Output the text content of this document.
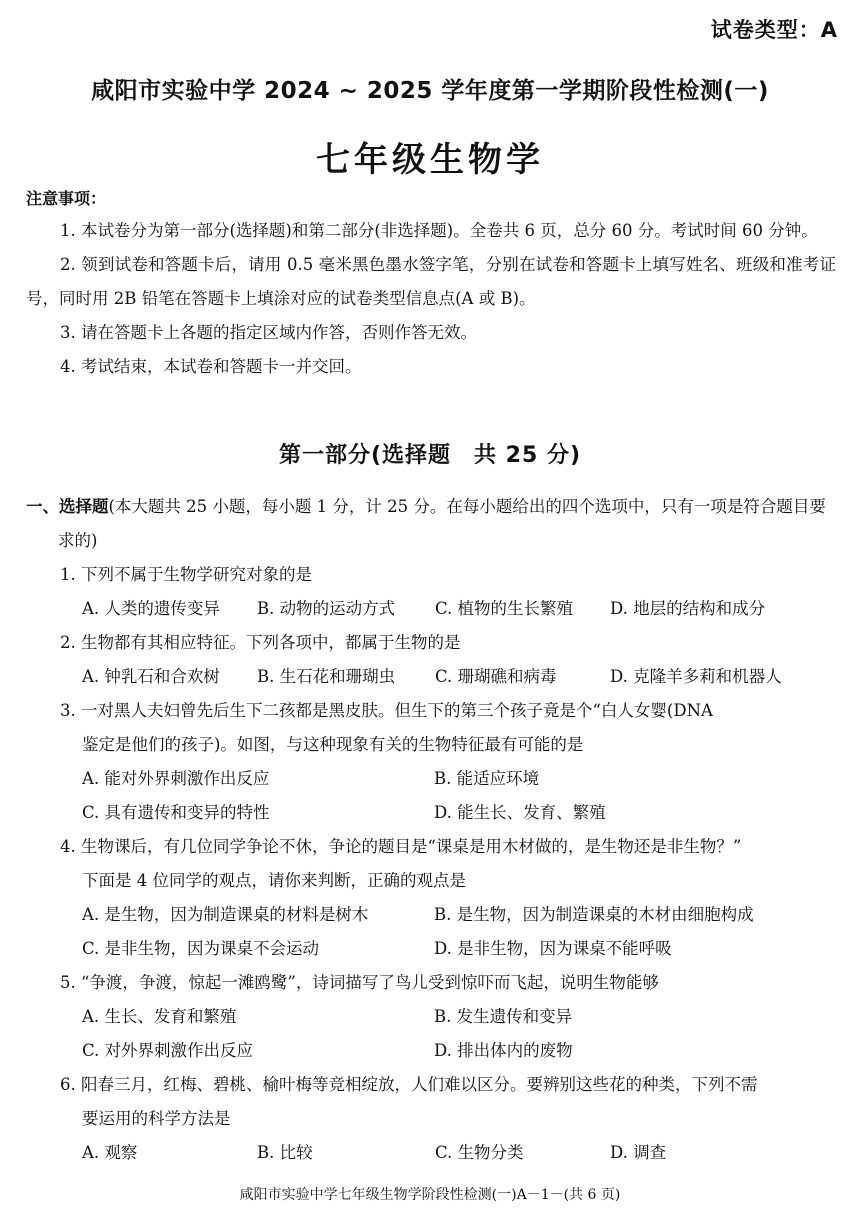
试卷类型：A
咸阳市实验中学 2024 ~ 2025 学年度第一学期阶段性检测(一)
七年级生物学
注意事项：
1. 本试卷分为第一部分(选择题)和第二部分(非选择题)。全卷共 6 页，总分 60 分。考试时间 60 分钟。
2. 领到试卷和答题卡后，请用 0.5 毫米黑色墨水签字笔，分别在试卷和答题卡上填写姓名、班级和准考证号，同时用 2B 铅笔在答题卡上填涂对应的试卷类型信息点(A 或 B)。
3. 请在答题卡上各题的指定区域内作答，否则作答无效。
4. 考试结束，本试卷和答题卡一并交回。
第一部分(选择题　共 25 分)
一、选择题(本大题共 25 小题，每小题 1 分，计 25 分。在每小题给出的四个选项中，只有一项是符合题目要求的)
1. 下列不属于生物学研究对象的是
A. 人类的遗传变异	B. 动物的运动方式	C. 植物的生长繁殖	D. 地层的结构和成分
2. 生物都有其相应特征。下列各项中，都属于生物的是
A. 钟乳石和合欢树	B. 生石花和珊瑚虫	C. 珊瑚礁和病毒	D. 克隆羊多莉和机器人
3. 一对黑人夫妇曾先后生下二孩都是黑皮肤。但生下的第三个孩子竟是个“白人女婴(DNA
鉴定是他们的孩子)。如图，与这种现象有关的生物特征最有可能的是
A. 能对外界刺激作出反应	B. 能适应环境
C. 具有遗传和变异的特性	D. 能生长、发育、繁殖
4. 生物课后，有几位同学争论不休，争论的题目是“课桌是用木材做的，是生物还是非生物？”
下面是 4 位同学的观点，请你来判断，正确的观点是
A. 是生物，因为制造课桌的材料是树木	B. 是生物，因为制造课桌的木材由细胞构成
C. 是非生物，因为课桌不会运动	D. 是非生物，因为课桌不能呼吸
5. “争渡，争渡，惊起一滩鸥鹭”，诗词描写了鸟儿受到惊吓而飞起，说明生物能够
A. 生长、发育和繁殖	B. 发生遗传和变异
C. 对外界刺激作出反应	D. 排出体内的废物
6. 阳春三月，红梅、碧桃、榆叶梅等竞相绽放，人们难以区分。要辨别这些花的种类，下列不需
要运用的科学方法是
A. 观察	B. 比较	C. 生物分类	D. 调查
咸阳市实验中学七年级生物学阶段性检测(一)A－1－(共 6 页)
